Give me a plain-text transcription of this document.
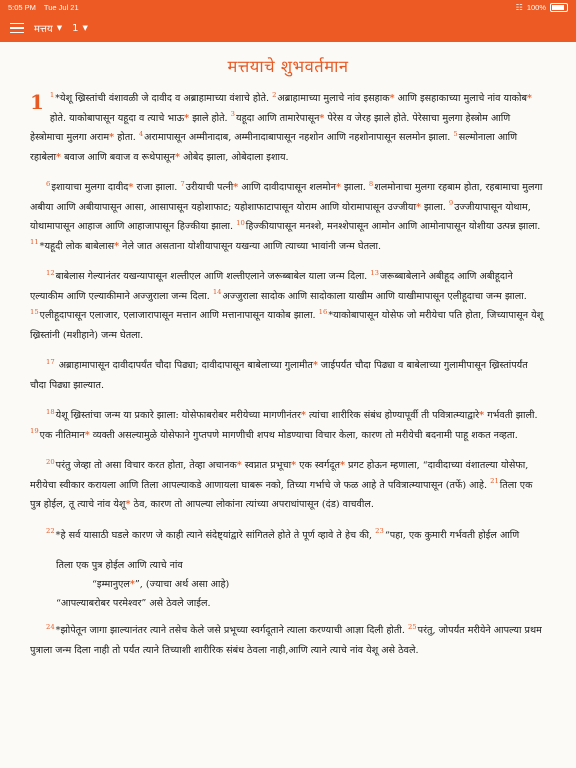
5:05 PM Tue Jul 21	☷ 100%
मत्तय ▼ 1 ▼
मत्तयाचे शुभवर्तमान

1 $^1$*येशू ख्रिस्तांची वंशावळी जे दावीद व अब्राहामाच्या वंशाचे होते. $^2$अब्राहामाच्या मुलाचे नांव इसहाक* आणि इसहाकाच्या मुलाचे नांव याकोब* होते. याकोबापासून यहूदा व त्याचे भाऊ* झाले होते. $^3$यहूदा आणि तामारेपासून* पेरेस व जेरह झाले होते. पेरेसाचा मुलगा हेस्त्रोम आणि हेस्त्रोमाचा मुलगा अराम* होता. $^4$अरामापासून अम्मीनादाब, अम्मीनादाबापासून नहशोन आणि नहशोनापासून सलमोन झाला. $^5$सल्मोनाला आणि रहाबेला* बवाज आणि बवाज व रूथेपासून* ओबेद झाला, ओबेदाला इशाय.

$^6$इशायाचा मुलगा दावीद* राजा झाला. $^7$उरीयाची पत्नी* आणि दावीदापासून शलमोन* झाला. $^8$शलमोनाचा मुलगा रहबाम होता, रहबामाचा मुलगा अबीया आणि अबीयापासून आसा, आसापासून यहोशाफाट; यहोशाफाटापासून योराम आणि योरामापासून उज्जीया* झाला. $^9$उज्जीयापासून योथाम, योथामापासून आहाज आणि आहाजापासून हिज्कीया झाला. $^{10}$हिज्कीयापासून मनश्शे, मनश्शेपासून आमोन आणि आमोनापासून योशीया उत्पन्न झाला. $^{11}$*यहूदी लोक बाबेलास* नेले जात असताना योशीयापासून यखन्या आणि त्याच्या भावांनी जन्म घेतला.

$^{12}$बाबेलास गेल्यानंतर यखन्यापासून शल्तीएल आणि शल्तीएलाने जरूब्बाबेल याला जन्म दिला. $^{13}$जरूब्बाबेलाने अबीहूद आणि अबीहूदाने एल्याकीम आणि एल्याकीमाने अज्जुराला जन्म दिला. $^{14}$अज्जुराला सादोक आणि सादोकाला याखीम आणि याखीमापासून एलीहूदाचा जन्म झाला. $^{15}$एलीहूदापासून एलाजार, एलाजारापासून मत्तान आणि मत्तानापासून याकोब झाला. $^{16}$*याकोबापासून योसेफ जो मरीयेचा पति होता, जिच्यापासून येशू ख्रिस्तांनी (मशीहाने) जन्म घेतला.

$^{17}$ अब्राहामापासून दावीदापर्यंत चौदा पिढ्या; दावीदापासून बाबेलाच्या गुलामीत* जाईपर्यंत चौदा पिढ्या व बाबेलाच्या गुलामीपासून ख्रिस्तांपर्यंत चौदा पिढ्या झाल्यात.

$^{18}$येशू ख्रिस्तांचा जन्म या प्रकारे झाला: योसेफाबरोबर मरीयेच्या मागणीनंतर* त्यांचा शारीरिक संबंध होण्यापूर्वी ती पवित्रात्म्याद्वारे* गर्भवती झाली. $^{19}$एक नीतिमान* व्यक्ती असल्यामुळे योसेफाने गुप्तपणे मागणीची शपथ मोडण्याचा विचार केला, कारण तो मरीयेची बदनामी पाहू शकत नव्हता.

$^{20}$परंतु जेव्हा तो असा विचार करत होता, तेव्हा अचानक* स्वप्नात प्रभूचा* एक स्वर्गदूत* प्रगट होऊन म्हणाला, “दावीदाच्या वंशातल्या योसेफा, मरीयेचा स्वीकार करायला आणि तिला आपल्याकडे आणायला घाबरू नको, तिच्या गर्भाचे जे फळ आहे ते पवित्रात्म्यापासून (तर्फे) आहे. $^{21}$तिला एक पुत्र होईल, तू त्याचे नांव येशू* ठेव, कारण तो आपल्या लोकांना त्यांच्या अपराधांपासून (दंड) वाचवील.

$^{22}$*हे सर्व यासाठी घडले कारण जे काही त्याने संदेष्ट्यांद्वारे सांगितले होते ते पूर्ण व्हावे ते हेच की, $^{23}$“पहा, एक कुमारी गर्भवती होईल आणि

तिला एक पुत्र होईल आणि त्याचे नांव
“इम्मानुएल*”, (ज्याचा अर्थ असा आहे)
“आपल्याबरोबर परमेश्वर” असे ठेवले जाईल.

$^{24}$*झोपेतून जागा झाल्यानंतर त्याने तसेच केले जसे प्रभूच्या स्वर्गदूताने त्याला करण्याची आज्ञा दिली होती. $^{25}$परंतु, जोपर्यंत मरीयेने आपल्या प्रथम पुत्राला जन्म दिला नाही तो पर्यंत त्याने तिच्याशी शारीरिक संबंध ठेवला नाही,आणि त्याने त्याचे नांव येशू असे ठेवले.
